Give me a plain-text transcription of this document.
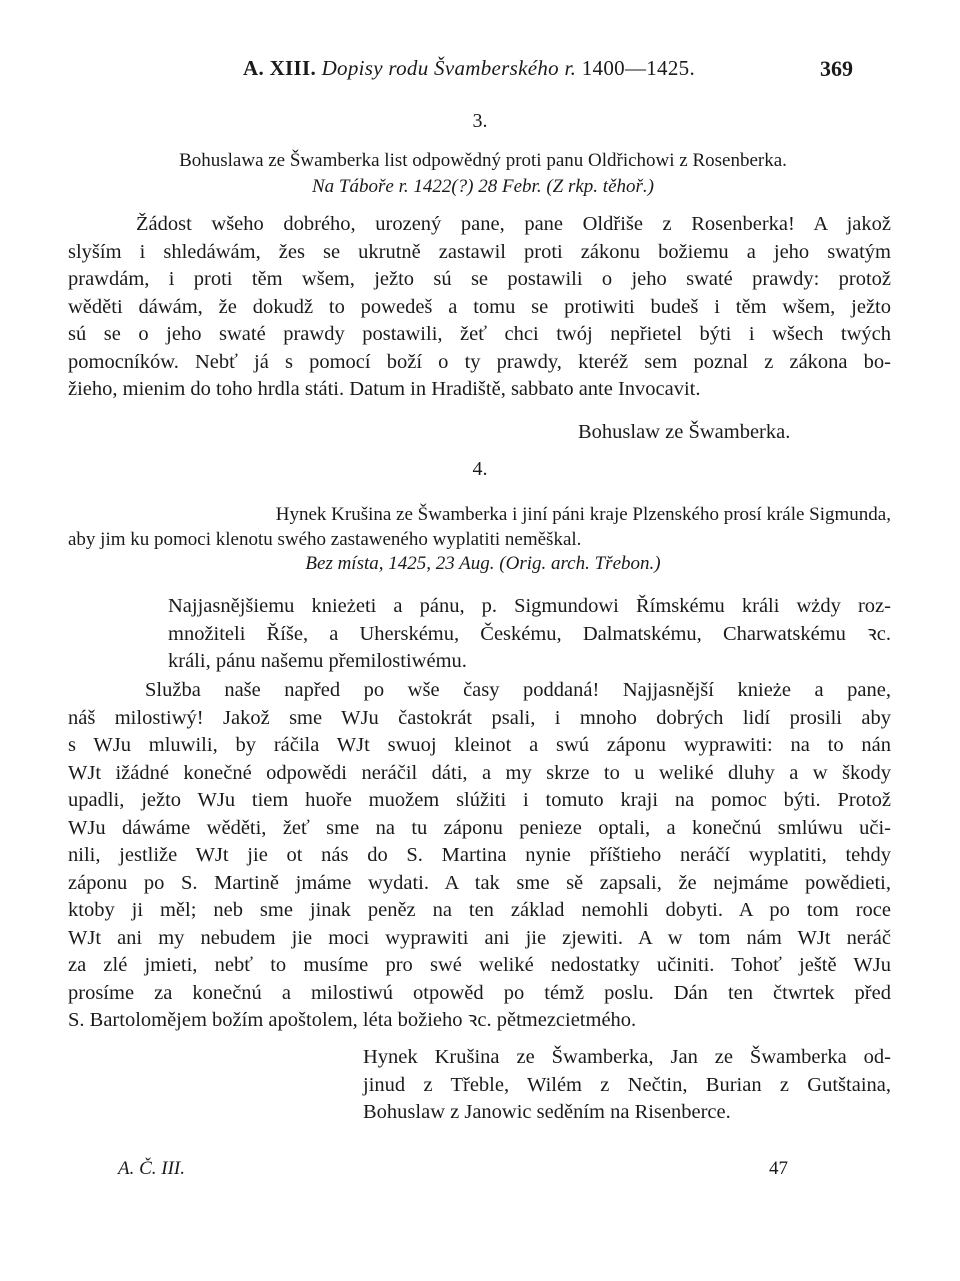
A. XIII. Dopisy rodu Švamberského r. 1400—1425.	369
3.
Bohuslawa ze Šwamberka list odpowědný proti panu Oldřichowi z Rosenberka.
Na Táboře r. 1422(?) 28 Febr. (Z rkp. těhoř.)
Žádost wšeho dobrého, urozený pane, pane Oldřiše z Rosenberka! A jakož
slyším i shledáwám, žes se ukrutně zastawil proti zákonu božiemu a jeho swatým
prawdám, i proti těm wšem, ježto sú se postawili o jeho swaté prawdy: protož
wěděti dáwám, že dokudž to powedeš a tomu se protiwiti budeš i těm wšem, ježto
sú se o jeho swaté prawdy postawili, žeť chci twój nepřietel býti i wšech twých
pomocníków. Nebť já s pomocí boží o ty prawdy, kteréž sem poznal z zákona bo-
žieho, mienim do toho hrdla státi. Datum in Hradiště, sabbato ante Invocavit.
Bohuslaw ze Šwamberka.
4.
Hynek Krušina ze Šwamberka i jiní páni kraje Plzenského prosí krále Sigmunda,
aby jim ku pomoci klenotu swého zastaweného wyplatiti neměškal.
Bez místa, 1425, 23 Aug. (Orig. arch. Třebon.)
Najjasnějšiemu knieżeti a pánu, p. Sigmundowi Římskému králi wżdy roz-
množiteli Říše, a Uherskému, Českému, Dalmatskému, Charwatskému ꝛc.
králi, pánu našemu přemilostiwému.
Služba naše napřed po wše časy poddaná! Najjasnější knieże a pane,
náš milostiwý! Jakož sme WJu častokrát psali, i mnoho dobrých lidí prosili aby
s WJu mluwili, by ráčila WJt swuoj kleinot a swú záponu wyprawiti: na to nán
WJt ižádné konečné odpowědi neráčil dáti, a my skrze to u weliké dluhy a w škody
upadli, ježto WJu tiem huoře muožem slúžiti i tomuto kraji na pomoc býti. Protož
WJu dáwáme wěděti, žeť sme na tu záponu penieze optali, a konečnú smlúwu uči-
nili, jestliže WJt jie ot nás do S. Martina nynie příštieho neráčí wyplatiti, tehdy
záponu po S. Martině jmáme wydati. A tak sme sě zapsali, že nejmáme powědieti,
ktoby ji měl; neb sme jinak peněz na ten základ nemohli dobyti. A po tom roce
WJt ani my nebudem jie moci wyprawiti ani jie zjewiti. A w tom nám WJt neráč
za zlé jmieti, nebť to musíme pro swé weliké nedostatky učiniti. Tohoť ještě WJu
prosíme za konečnú a milostiwú otpowěd po témž poslu. Dán ten čtwrtek před
S. Bartolomějem božím apoštolem, léta božieho ꝛc. pětmezcietmého.
Hynek Krušina ze Šwamberka, Jan ze Šwamberka od-
jinud z Třeble, Wilém z Nečtin, Burian z Gutštaina,
Bohuslaw z Janowic seděním na Risenberce.
A. Č. III.	47
